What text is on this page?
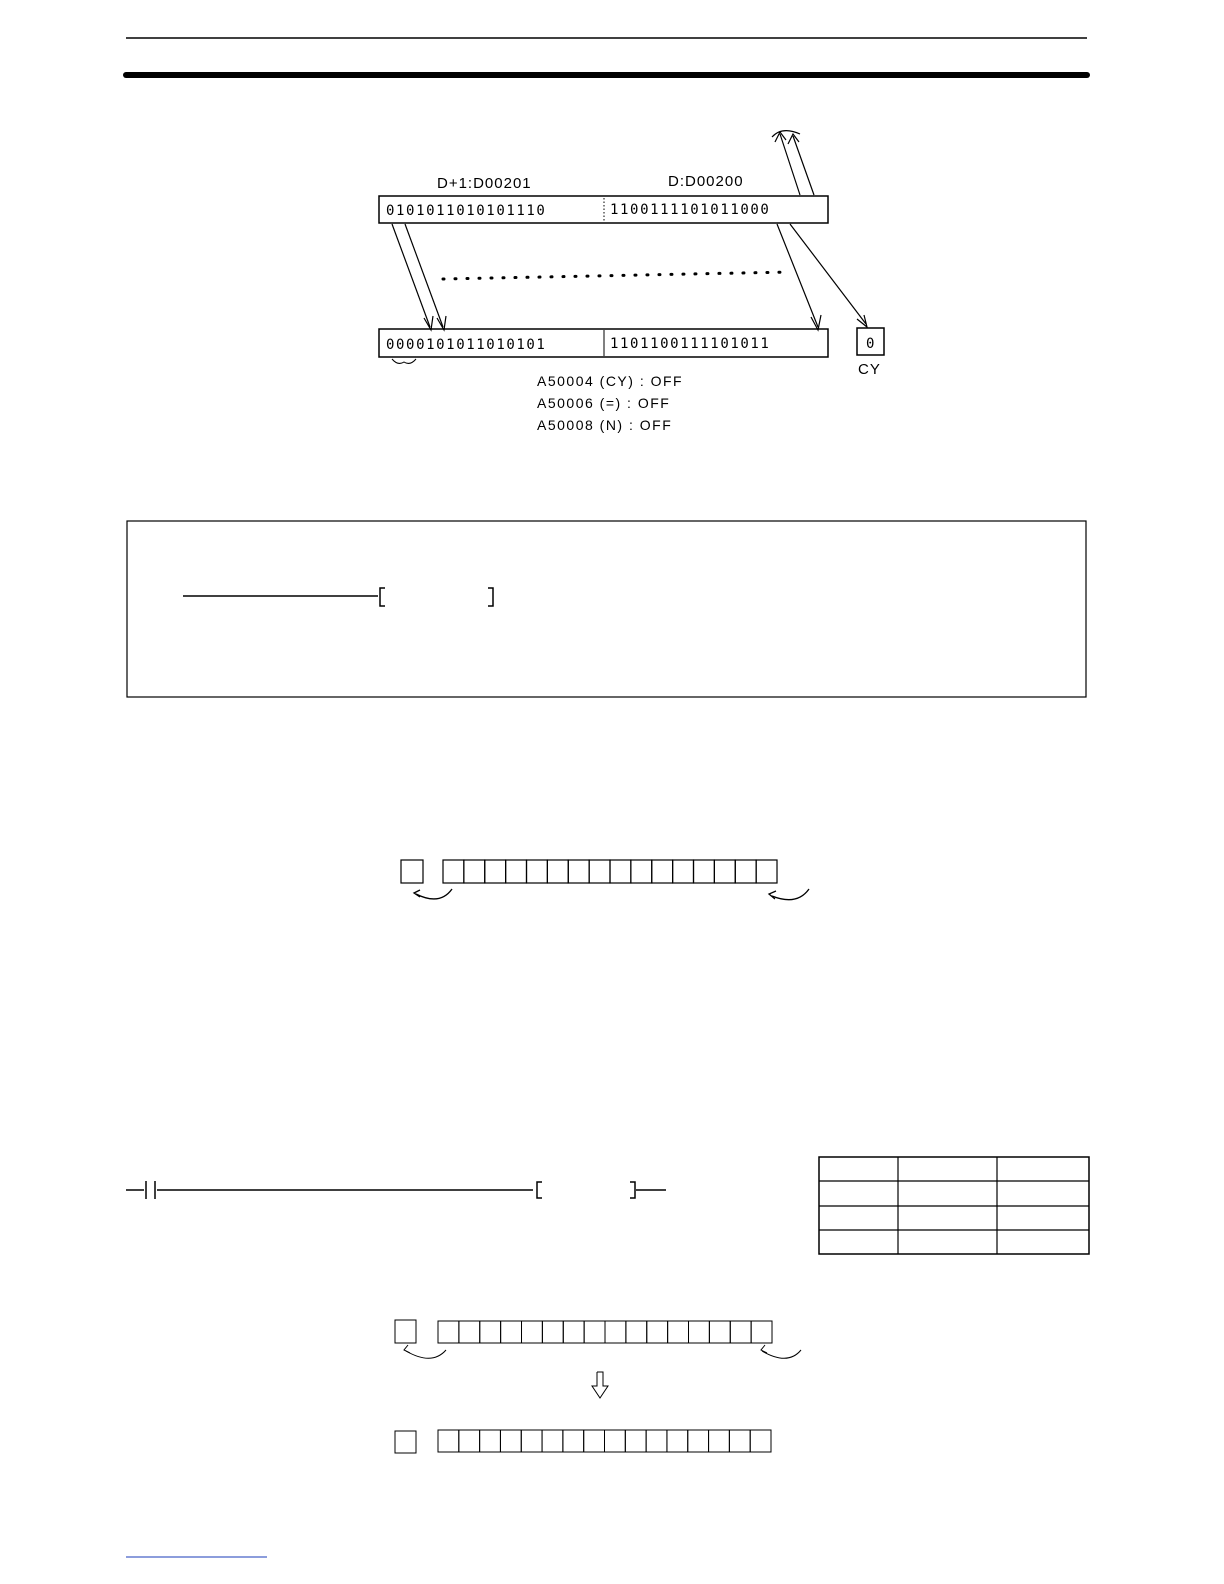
D+1:D00201	D:D00200
0101011010101110	1100111101011000
0000101011010101	1101100111101011	0
CY
A50004 (CY) : OFF
A50006 (=) : OFF
A50008 (N) : OFF
